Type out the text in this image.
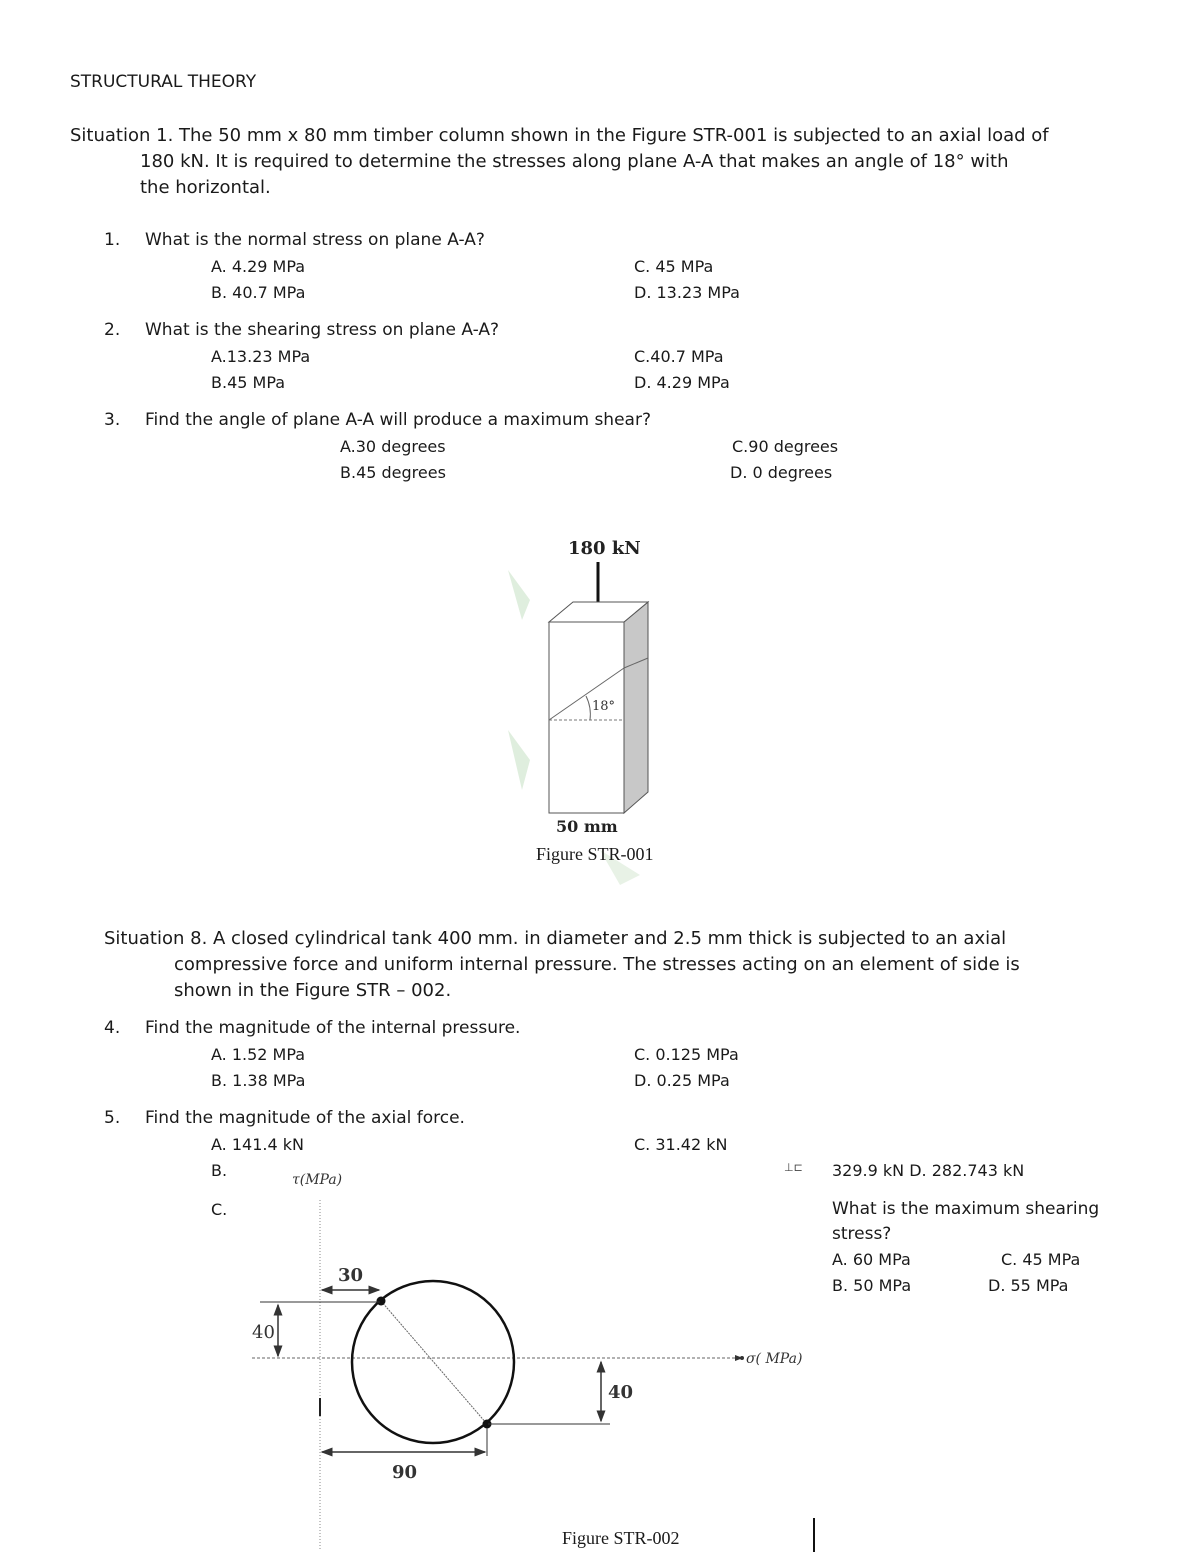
STRUCTURAL THEORY
Situation 1. The 50 mm x 80 mm timber column shown in the Figure STR-001 is subjected to an axial load of
180 kN. It is required to determine the stresses along plane A-A that makes an angle of 18° with
the horizontal.
1. What is the normal stress on plane A-A?
A. 4.29 MPa
B. 40.7 MPa
C. 45 MPa
D. 13.23 MPa
2. What is the shearing stress on plane A-A?
A.13.23 MPa
B.45 MPa
C.40.7 MPa
D. 4.29 MPa
3. Find the angle of plane A-A will produce a maximum shear?
A.30 degrees
B.45 degrees
C.90 degrees
D. 0 degrees
18°
180 kN
50 mm
Figure STR-001
Situation 8. A closed cylindrical tank 400 mm. in diameter and 2.5 mm thick is subjected to an axial
compressive force and uniform internal pressure. The stresses acting on an element of side is
shown in the Figure STR – 002.
4. Find the magnitude of the internal pressure.
A. 1.52 MPa
B. 1.38 MPa
C. 0.125 MPa
D. 0.25 MPa
5. Find the magnitude of the axial force.
A. 141.4 kN
B.
C.
C. 31.42 kN
329.9 kN D. 282.743 kN
⊥⊏
What is the maximum shearing
stress?
A. 60 MPa
B. 50 MPa
C. 45 MPa
D. 55 MPa
σ( MPa)
τ(MPa)
30
40
40
90
Figure STR-002
